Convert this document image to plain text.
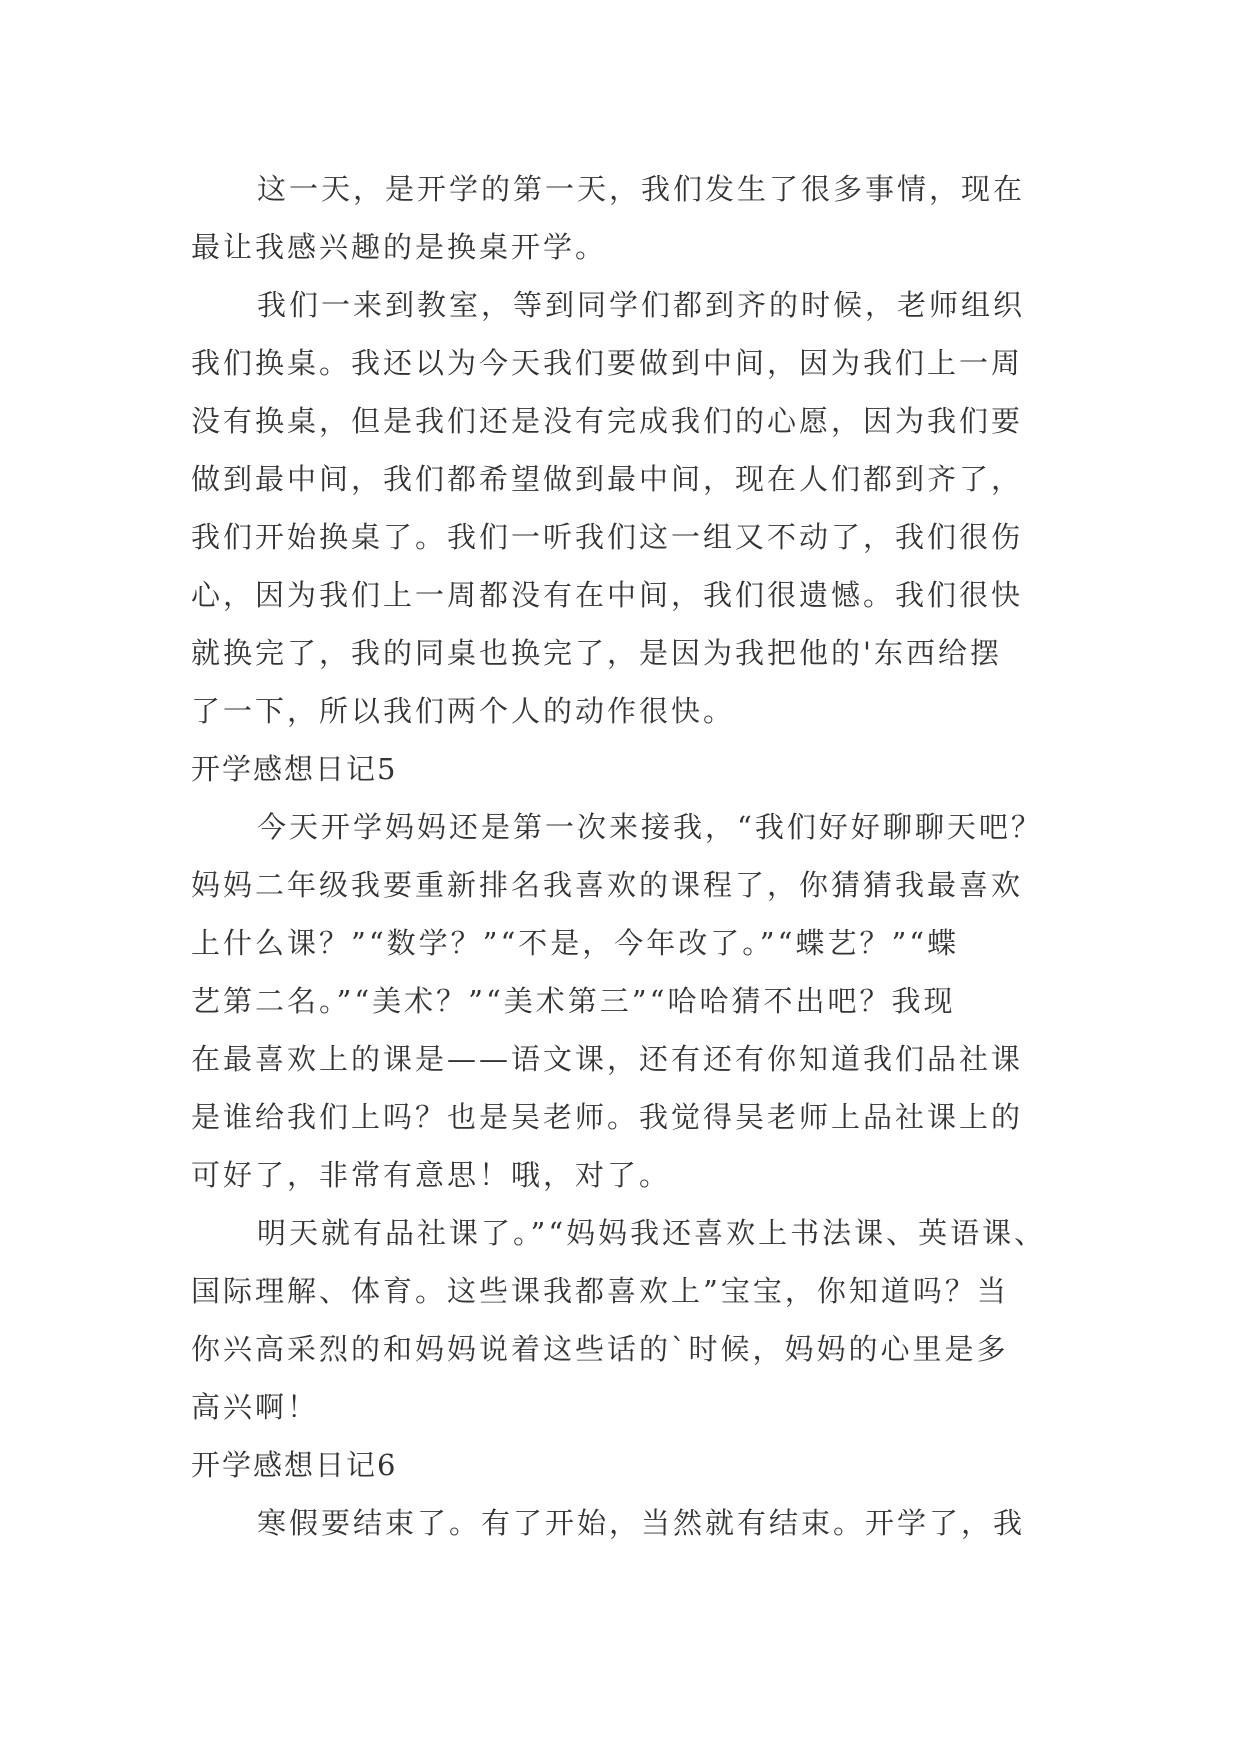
这一天，是开学的第一天，我们发生了很多事情，现在
最让我感兴趣的是换桌开学。
我们一来到教室，等到同学们都到齐的时候，老师组织
我们换桌。我还以为今天我们要做到中间，因为我们上一周
没有换桌，但是我们还是没有完成我们的心愿，因为我们要
做到最中间，我们都希望做到最中间，现在人们都到齐了，
我们开始换桌了。我们一听我们这一组又不动了，我们很伤
心，因为我们上一周都没有在中间，我们很遗憾。我们很快
就换完了，我的同桌也换完了，是因为我把他的'东西给摆
了一下，所以我们两个人的动作很快。
开学感想日记5
今天开学妈妈还是第一次来接我，“我们好好聊聊天吧？
妈妈二年级我要重新排名我喜欢的课程了，你猜猜我最喜欢
上什么课？”“数学？”“不是，今年改了。”“蝶艺？”“蝶
艺第二名。”“美术？”“美术第三”“哈哈猜不出吧？我现
在最喜欢上的课是——语文课，还有还有你知道我们品社课
是谁给我们上吗？也是吴老师。我觉得吴老师上品社课上的
可好了，非常有意思！哦，对了。
明天就有品社课了。”“妈妈我还喜欢上书法课、英语课、
国际理解、体育。这些课我都喜欢上”宝宝，你知道吗？当
你兴高采烈的和妈妈说着这些话的`时候，妈妈的心里是多
高兴啊！
开学感想日记6
寒假要结束了。有了开始，当然就有结束。开学了，我
